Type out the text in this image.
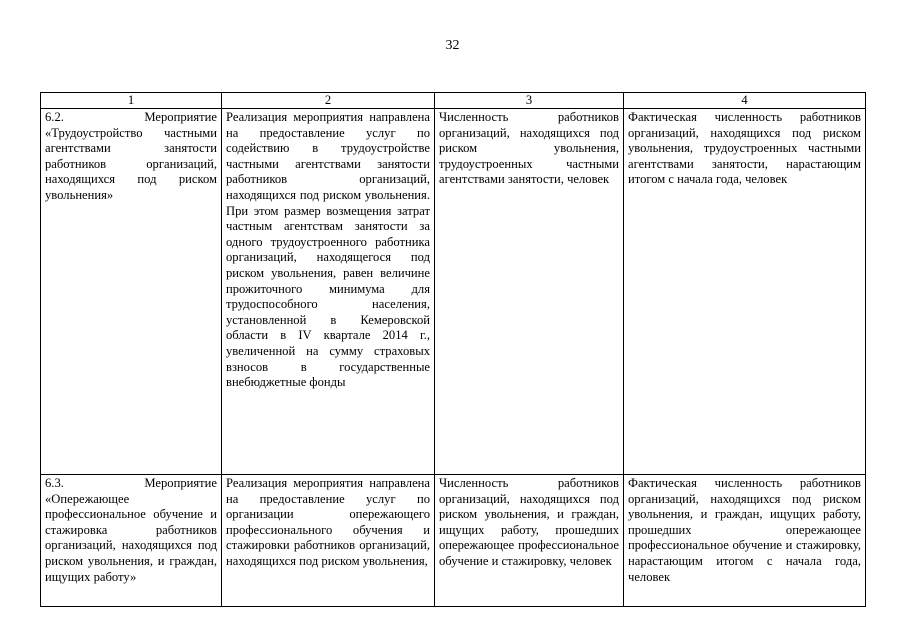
32
1	2	3	4

6.2. Мероприятие «Трудоустройство частными агентствами занятости работников организаций, находящихся под риском увольнения»	Реализация мероприятия направлена на предоставление услуг по содействию в трудоустройстве частными агентствами занятости работников организаций, находящихся под риском увольнения. При этом размер возмещения затрат частным агентствам занятости за одного трудоустроенного работника организаций, находящегося под риском увольнения, равен величине прожиточного минимума для трудоспособного населения, установленной в Кемеровской области в IV квартале 2014 г., увеличенной на сумму страховых взносов в государственные внебюджетные фонды	Численность работников организаций, находящихся под риском увольнения, трудоустроенных частными агентствами занятости, человек	Фактическая численность работников организаций, находящихся под риском увольнения, трудоустроенных частными агентствами занятости, нарастающим итогом с начала года, человек

6.3. Мероприятие «Опережающее профессиональное обучение и стажировка работников организаций, находящихся под риском увольнения, и граждан, ищущих работу»	Реализация мероприятия направлена на предоставление услуг по организации опережающего профессионального обучения и стажировки работников организаций, находящихся под риском увольнения,	Численность работников организаций, находящихся под риском увольнения, и граждан, ищущих работу, прошедших опережающее профессиональное обучение и стажировку, человек	Фактическая численность работников организаций, находящихся под риском увольнения, и граждан, ищущих работу, прошедших опережающее профессиональное обучение и стажировку, нарастающим итогом с начала года, человек
